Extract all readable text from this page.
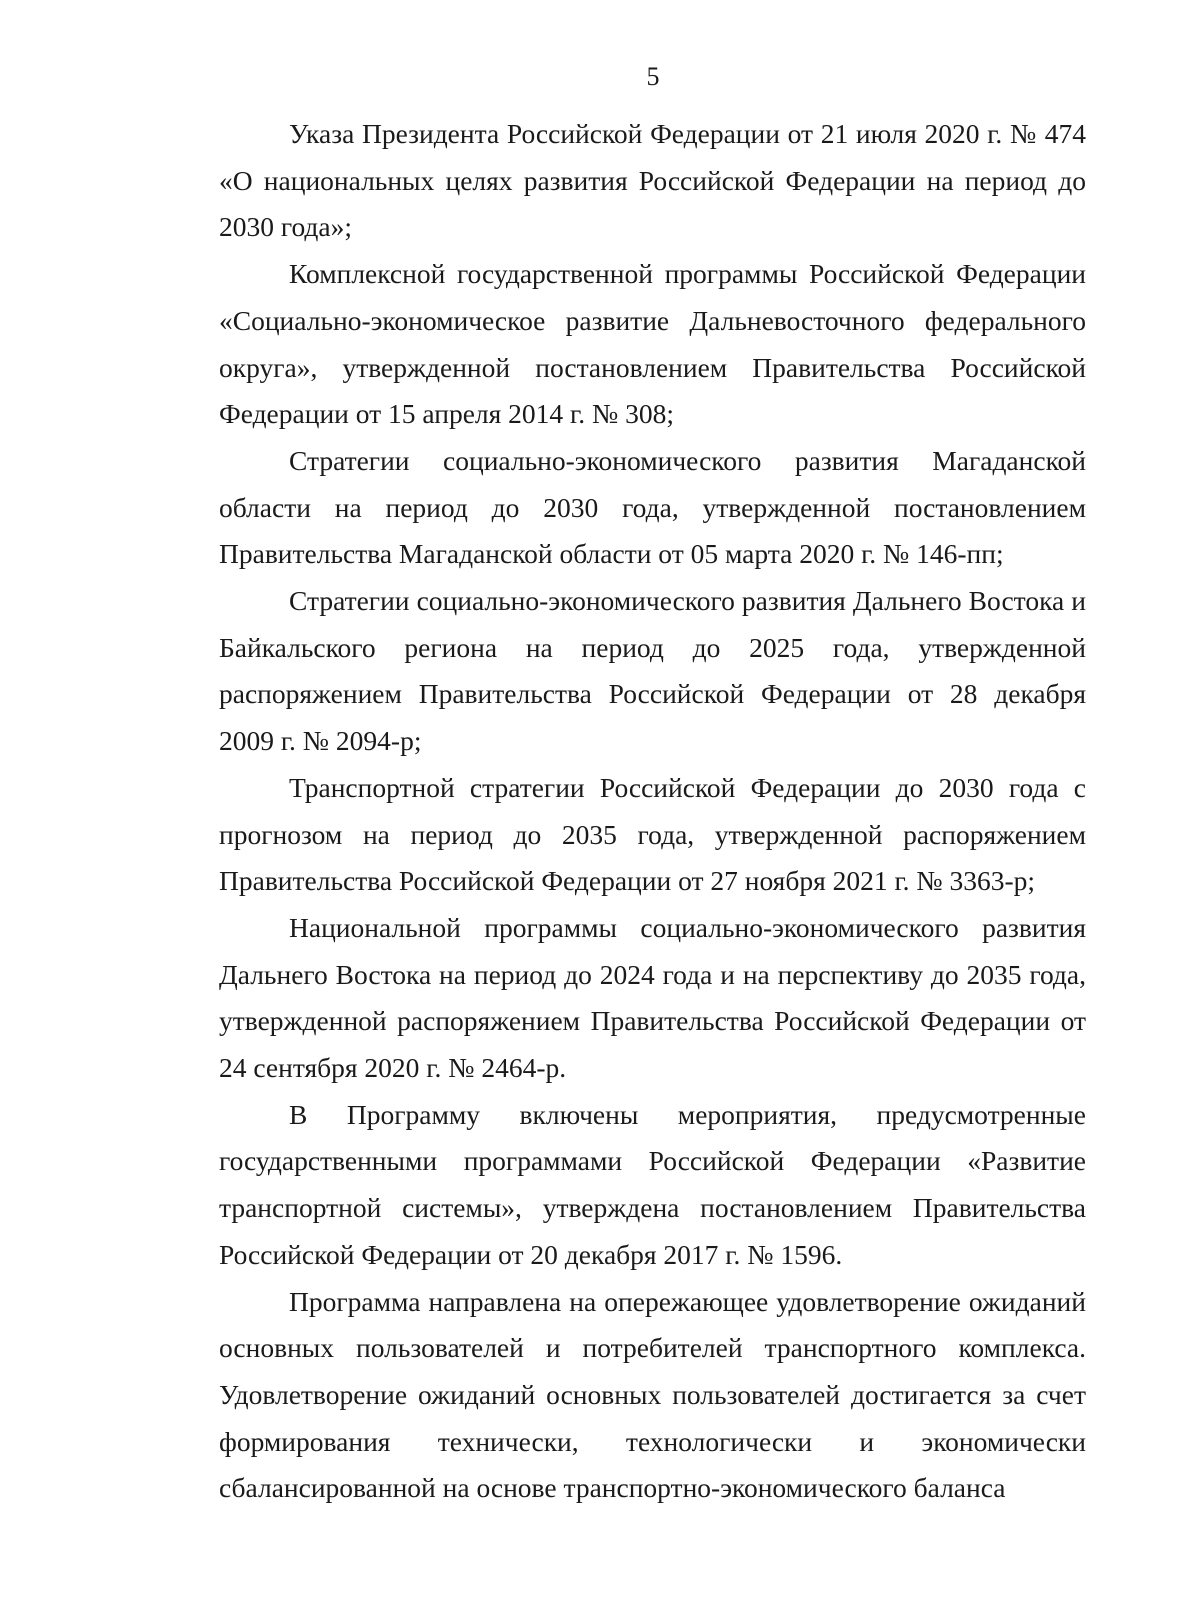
5

Указа Президента Российской Федерации от 21 июля 2020 г. № 474 «О национальных целях развития Российской Федерации на период до 2030 года»;

Комплексной государственной программы Российской Федерации «Социально-экономическое развитие Дальневосточного федерального округа», утвержденной постановлением Правительства Российской Федерации от 15 апреля 2014 г. № 308;

Стратегии социально-экономического развития Магаданской области на период до 2030 года, утвержденной постановлением Правительства Магаданской области от 05 марта 2020 г. № 146-пп;

Стратегии социально-экономического развития Дальнего Востока и Байкальского региона на период до 2025 года, утвержденной распоряжением Правительства Российской Федерации от 28 декабря 2009 г. № 2094-р;

Транспортной стратегии Российской Федерации до 2030 года с прогнозом на период до 2035 года, утвержденной распоряжением Правительства Российской Федерации от 27 ноября 2021 г. № 3363-р;

Национальной программы социально-экономического развития Дальнего Востока на период до 2024 года и на перспективу до 2035 года, утвержденной распоряжением Правительства Российской Федерации от 24 сентября 2020 г. № 2464-р.

В Программу включены мероприятия, предусмотренные государственными программами Российской Федерации «Развитие транспортной системы», утверждена постановлением Правительства Российской Федерации от 20 декабря 2017 г. № 1596.

Программа направлена на опережающее удовлетворение ожиданий основных пользователей и потребителей транспортного комплекса. Удовлетворение ожиданий основных пользователей достигается за счет формирования технически, технологически и экономически сбалансированной на основе транспортно-экономического баланса
